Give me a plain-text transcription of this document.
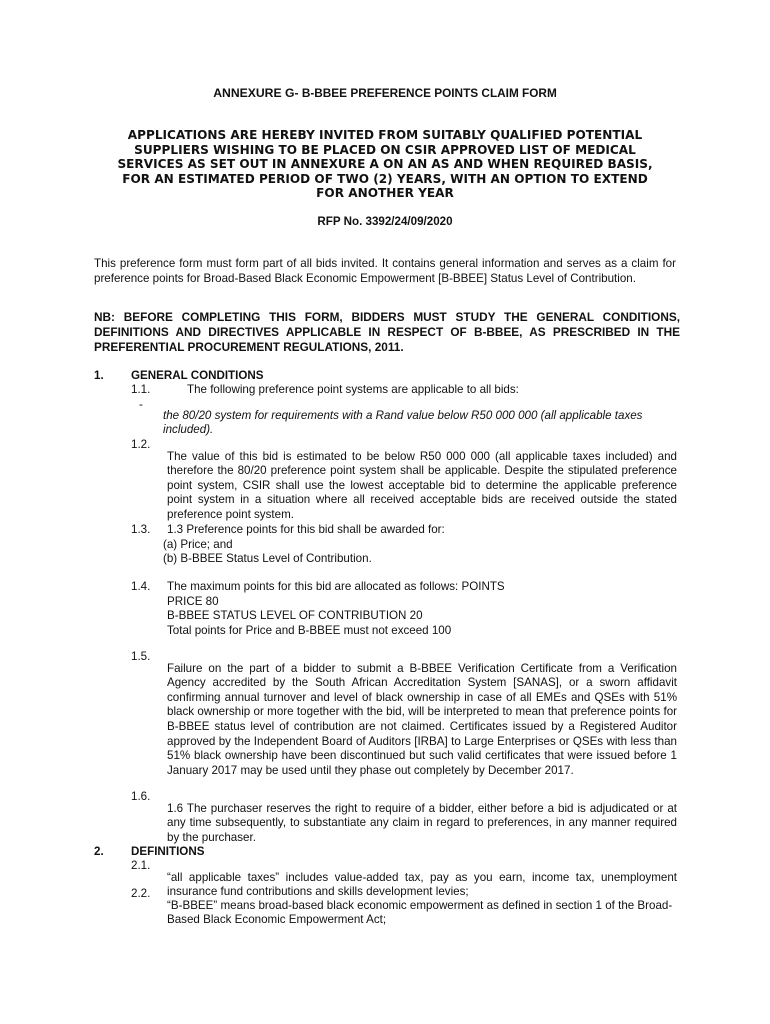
ANNEXURE G- B-BBEE PREFERENCE POINTS CLAIM FORM

APPLICATIONS ARE HEREBY INVITED FROM SUITABLY QUALIFIED POTENTIAL
SUPPLIERS WISHING TO BE PLACED ON CSIR APPROVED LIST OF MEDICAL
SERVICES AS SET OUT IN ANNEXURE A ON AN AS AND WHEN REQUIRED BASIS,
FOR AN ESTIMATED PERIOD OF TWO (2) YEARS, WITH AN OPTION TO EXTEND
FOR ANOTHER YEAR

RFP No. 3392/24/09/2020

This preference form must form part of all bids invited. It contains general information and serves as a claim for preference points for Broad-Based Black Economic Empowerment [B-BBEE] Status Level of Contribution.

NB: BEFORE COMPLETING THIS FORM, BIDDERS MUST STUDY THE GENERAL CONDITIONS, DEFINITIONS AND DIRECTIVES APPLICABLE IN RESPECT OF B-BBEE, AS PRESCRIBED IN THE PREFERENTIAL PROCUREMENT REGULATIONS, 2011.

1. GENERAL CONDITIONS
1.1.	The following preference point systems are applicable to all bids:
-

the 80/20 system for requirements with a Rand value below R50 000 000 (all applicable taxes included).

1.2.

The value of this bid is estimated to be below R50 000 000 (all applicable taxes included) and therefore the 80/20 preference point system shall be applicable. Despite the stipulated preference point system, CSIR shall use the lowest acceptable bid to determine the applicable preference point system in a situation where all received acceptable bids are received outside the stated preference point system.

1.3. 1.3 Preference points for this bid shall be awarded for:
(a) Price; and
(b) B-BBEE Status Level of Contribution.
1.4. The maximum points for this bid are allocated as follows: POINTS
PRICE 80
B-BBEE STATUS LEVEL OF CONTRIBUTION 20
Total points for Price and B-BBEE must not exceed 100
1.5.

Failure on the part of a bidder to submit a B-BBEE Verification Certificate from a Verification Agency accredited by the South African Accreditation System [SANAS], or a sworn affidavit confirming annual turnover and level of black ownership in case of all EMEs and QSEs with 51% black ownership or more together with the bid, will be interpreted to mean that preference points for B-BBEE status level of contribution are not claimed. Certificates issued by a Registered Auditor approved by the Independent Board of Auditors [IRBA] to Large Enterprises or QSEs with less than 51% black ownership have been discontinued but such valid certificates that were issued before 1 January 2017 may be used until they phase out completely by December 2017.

1.6.

1.6 The purchaser reserves the right to require of a bidder, either before a bid is adjudicated or at any time subsequently, to substantiate any claim in regard to preferences, in any manner required by the purchaser.

2. DEFINITIONS
2.1.

“all applicable taxes” includes value-added tax, pay as you earn, income tax, unemployment insurance fund contributions and skills development levies;

2.2.

“B-BBEE” means broad-based black economic empowerment as defined in section 1 of the Broad-Based Black Economic Empowerment Act;
